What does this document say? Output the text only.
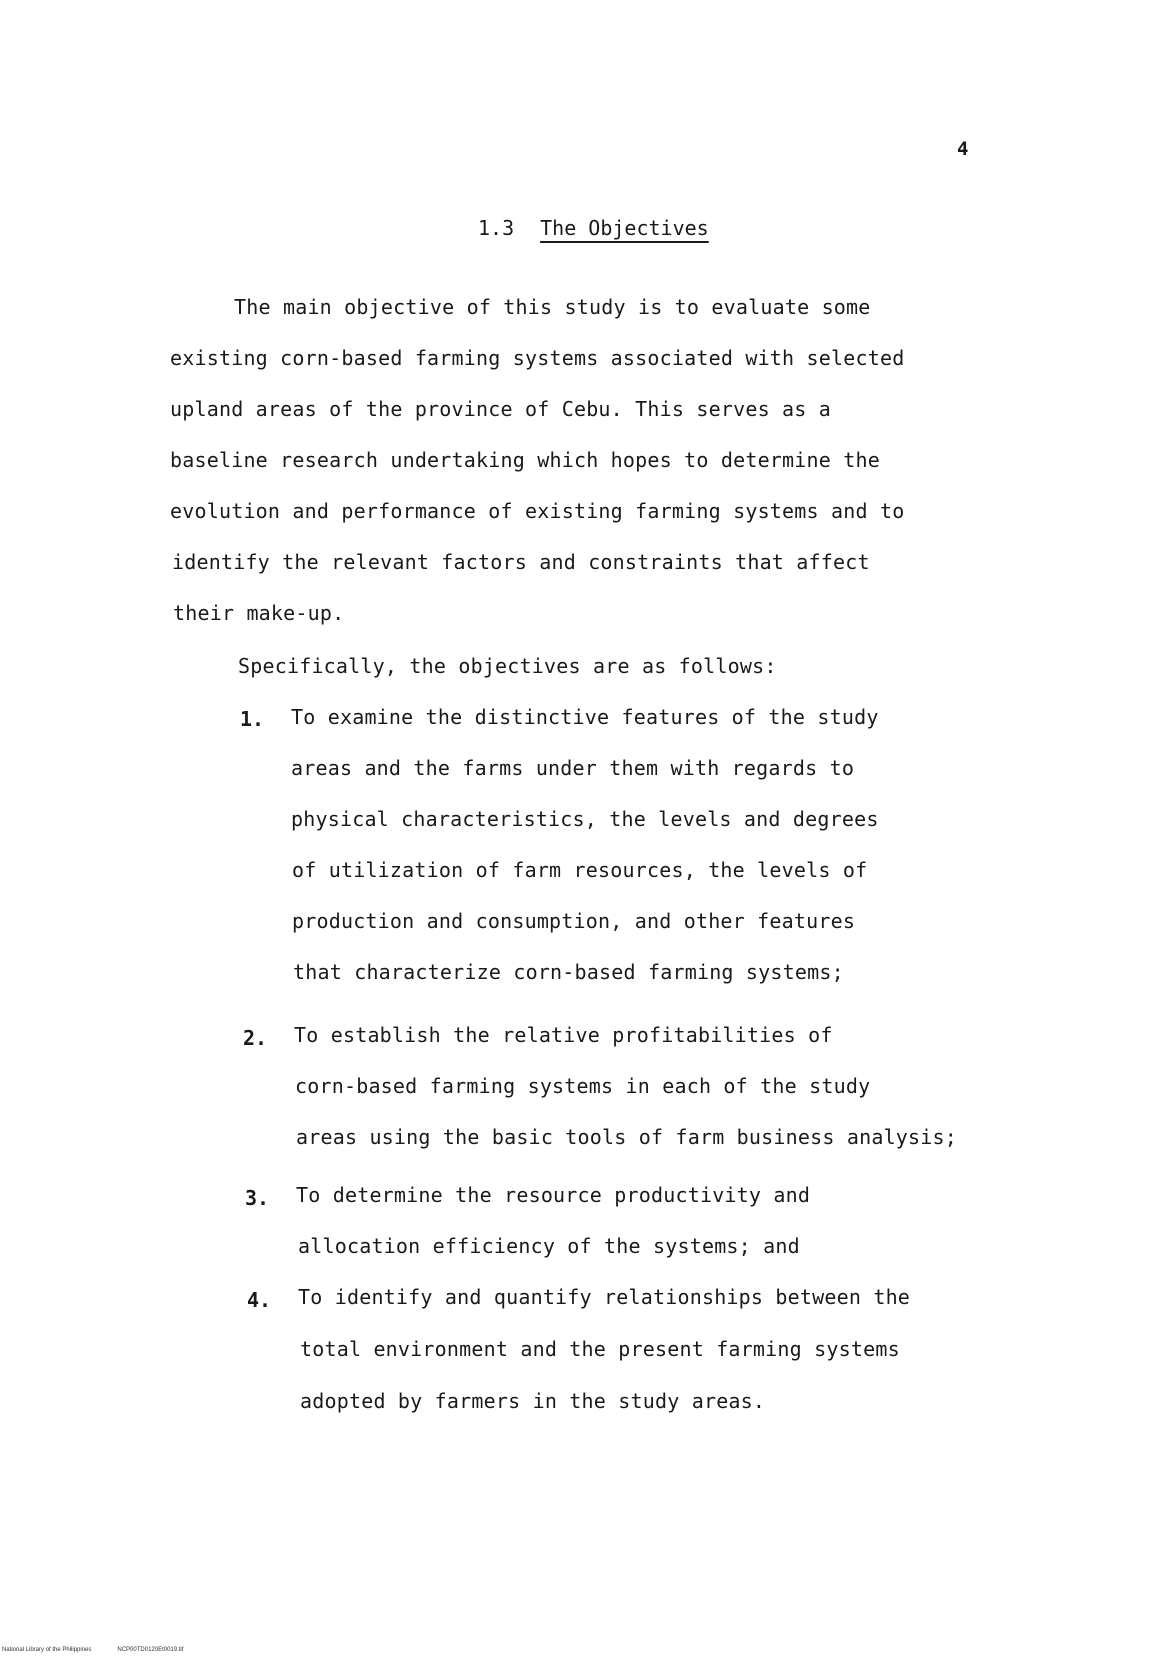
4
1.3 The Objectives
The main objective of this study is to evaluate some
existing corn-based farming systems associated with selected
upland areas of the province of Cebu. This serves as a
baseline research undertaking which hopes to determine the
evolution and performance of existing farming systems and to
identify the relevant factors and constraints that affect
their make-up.
Specifically, the objectives are as follows:
1. To examine the distinctive features of the study
areas and the farms under them with regards to
physical characteristics, the levels and degrees
of utilization of farm resources, the levels of
production and consumption, and other features
that characterize corn-based farming systems;
2. To establish the relative profitabilities of
corn-based farming systems in each of the study
areas using the basic tools of farm business analysis;
3. To determine the resource productivity and
allocation efficiency of the systems; and
4. To identify and quantify relationships between the
total environment and the present farming systems
adopted by farmers in the study areas.
National Library of the Philippines	NCP00TD0120Et0019.tif
